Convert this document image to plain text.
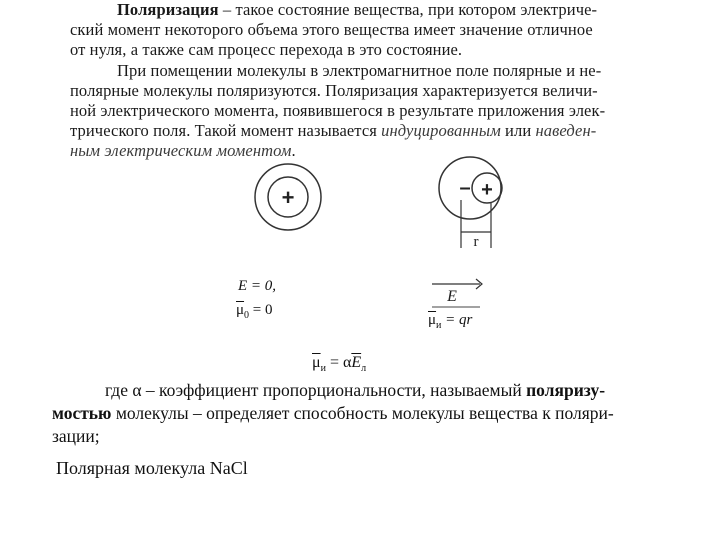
Поляризация – такое состояние вещества, при котором электриче-
ский момент некоторого объема этого вещества имеет значение отличное
от нуля, а также сам процесс перехода в это состояние.
При помещении молекулы в электромагнитное поле полярные и не-
полярные молекулы поляризуются. Поляризация характеризуется величи-
ной электрического момента, появившегося в результате приложения элек-
трического поля. Такой момент называется индуцированным или наведен-
ным электрическим моментом.
+	– +
r
E
E = 0,
$\overline{\mu}_0 = 0$
$\overline{\mu}_и$ = qr
$\overline{\mu}_и = \alpha\overline{E}_л$
где α – коэффициент пропорциональности, называемый поляризу-
мостью молекулы – определяет способность молекулы вещества к поляри-
зации;
Полярная молекула NaCl
